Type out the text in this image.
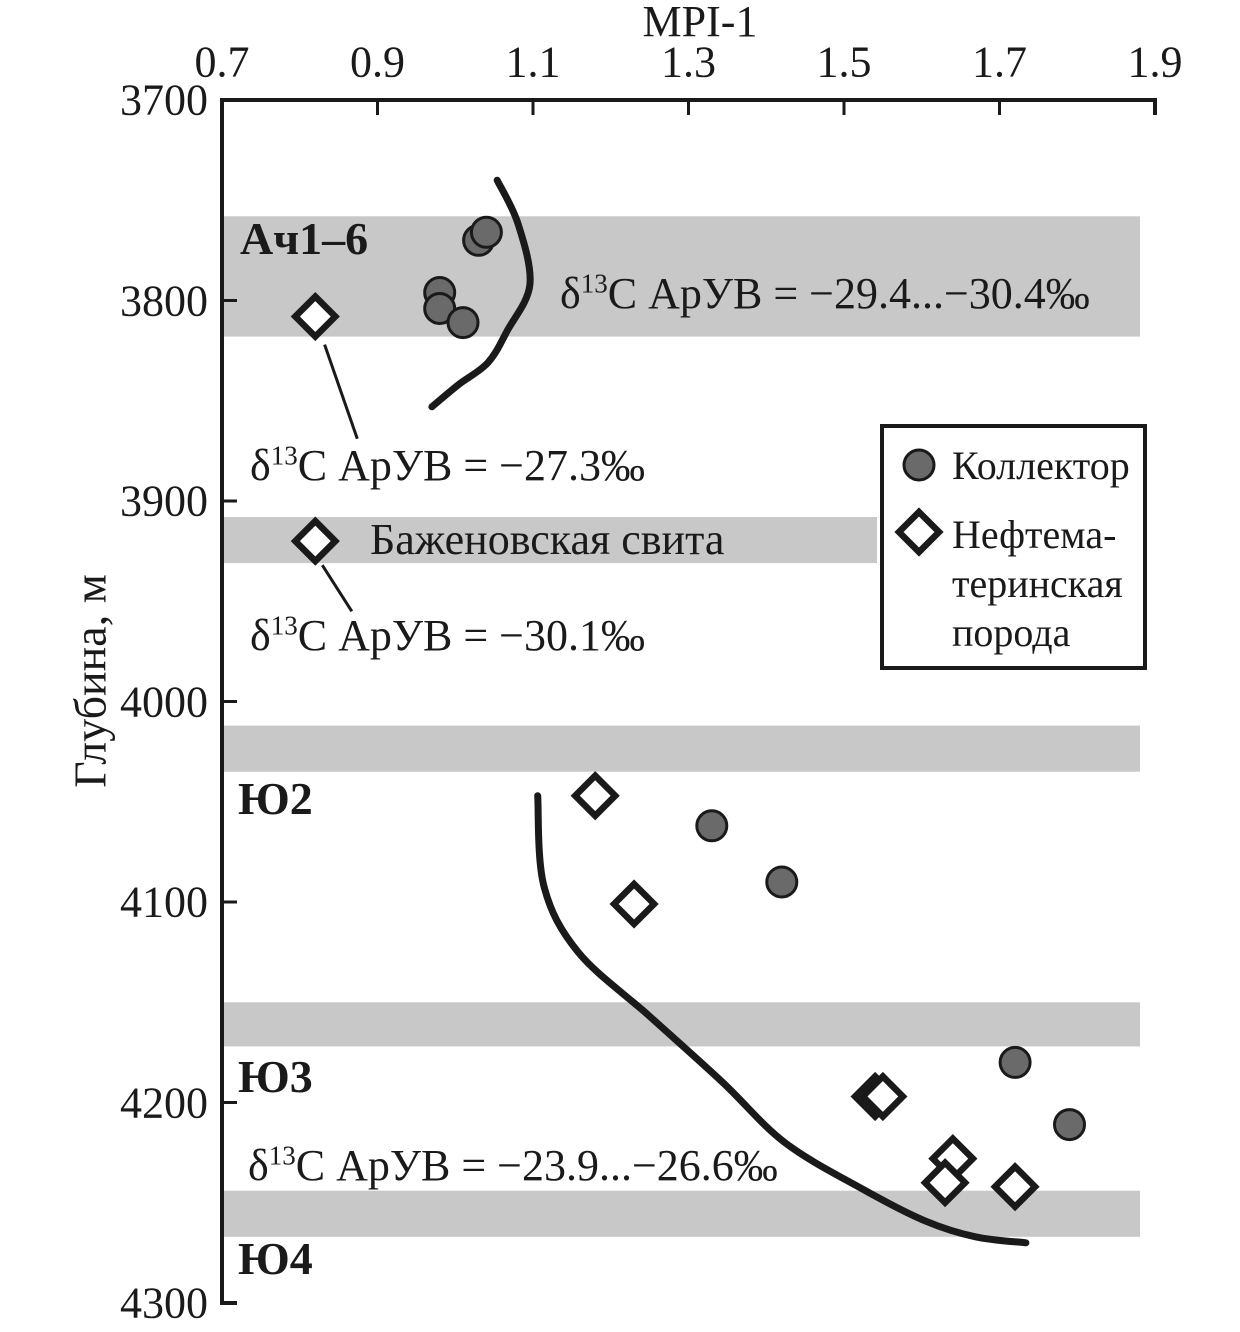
MPI-1
Глубина, м
Ач1–6
Баженовская свита
Ю2
Ю3
Ю4
$\delta^{13}C$ АрУВ = −29.4...−30.4‰
$\delta^{13}C$ АрУВ = −27.3‰
$\delta^{13}C$ АрУВ = −30.1‰
$\delta^{13}C$ АрУВ = −23.9...−26.6‰
Коллектор
Нефтема-
теринская
порода
0.7 0.9 1.1 1.3 1.5 1.7 1.9
3700
3800
3900
4000
4100
4200
4300
